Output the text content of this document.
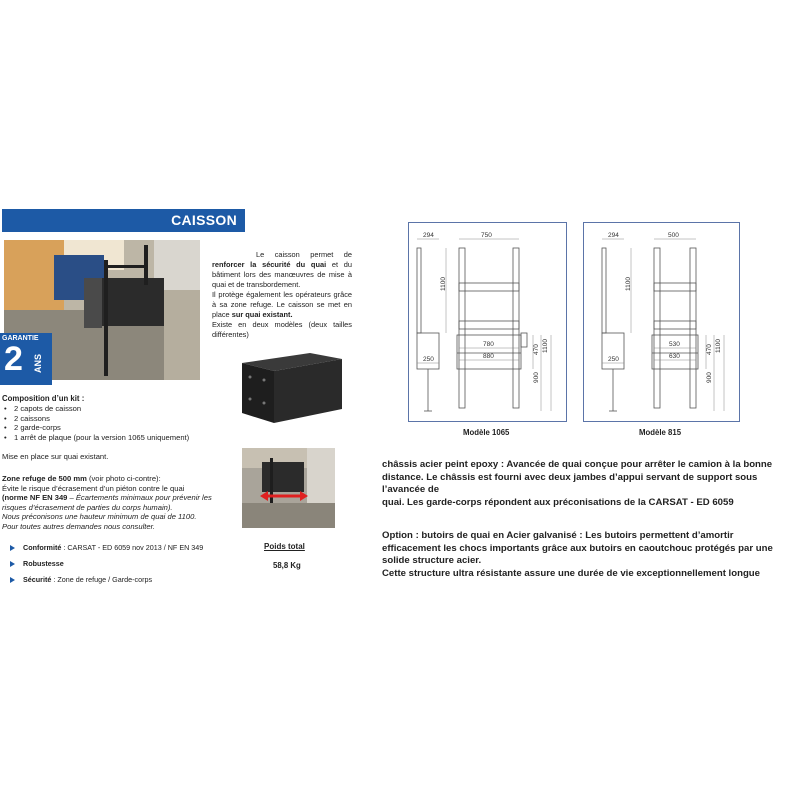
CAISSON
GARANTIE
2 ANS
Le caisson permet de renforcer la sécurité du quai et du bâtiment lors des manœuvres de mise à quai et de transbordement.
Il protège également les opérateurs grâce à sa zone refuge. Le caisson se met en place sur quai existant.
Existe en deux modèles (deux tailles différentes)
Composition d’un kit :
• 2 capots de caisson
• 2 caissons
• 2 garde-corps
• 1 arrêt de plaque (pour la version 1065 uniquement)
Mise en place sur quai existant.
Zone refuge de 500 mm (voir photo ci-contre):
Évite le risque d’écrasement d’un piéton contre le quai
(norme NF EN 349 – Écartements minimaux pour prévenir les risques d’écrasement de parties du corps humain).
Nous préconisons une hauteur minimum de quai de 1100.
Pour toutes autres demandes nous consulter.
Conformité : CARSAT - ED 6059 nov 2013 / NF EN 349
Robustesse
Sécurité : Zone de refuge / Garde-corps
Poids total
58,8 Kg
294	750
1100
250
780
880
470 1100
900
Modèle 1065
294	500
1100
250
530
630
470 1100
900
Modèle 815
châssis acier peint epoxy : Avancée de quai conçue pour arrêter le camion à la bonne distance. Le châssis est fourni avec deux jambes d’appui servant de support sous l’avancée de
quai. Les garde-corps répondent aux préconisations de la CARSAT - ED 6059
Option : butoirs de quai en Acier galvanisé : Les butoirs permettent d’amortir efficacement les chocs importants grâce aux butoirs en caoutchouc protégés par une solide structure acier.
Cette structure ultra résistante assure une durée de vie exceptionnellement longue
